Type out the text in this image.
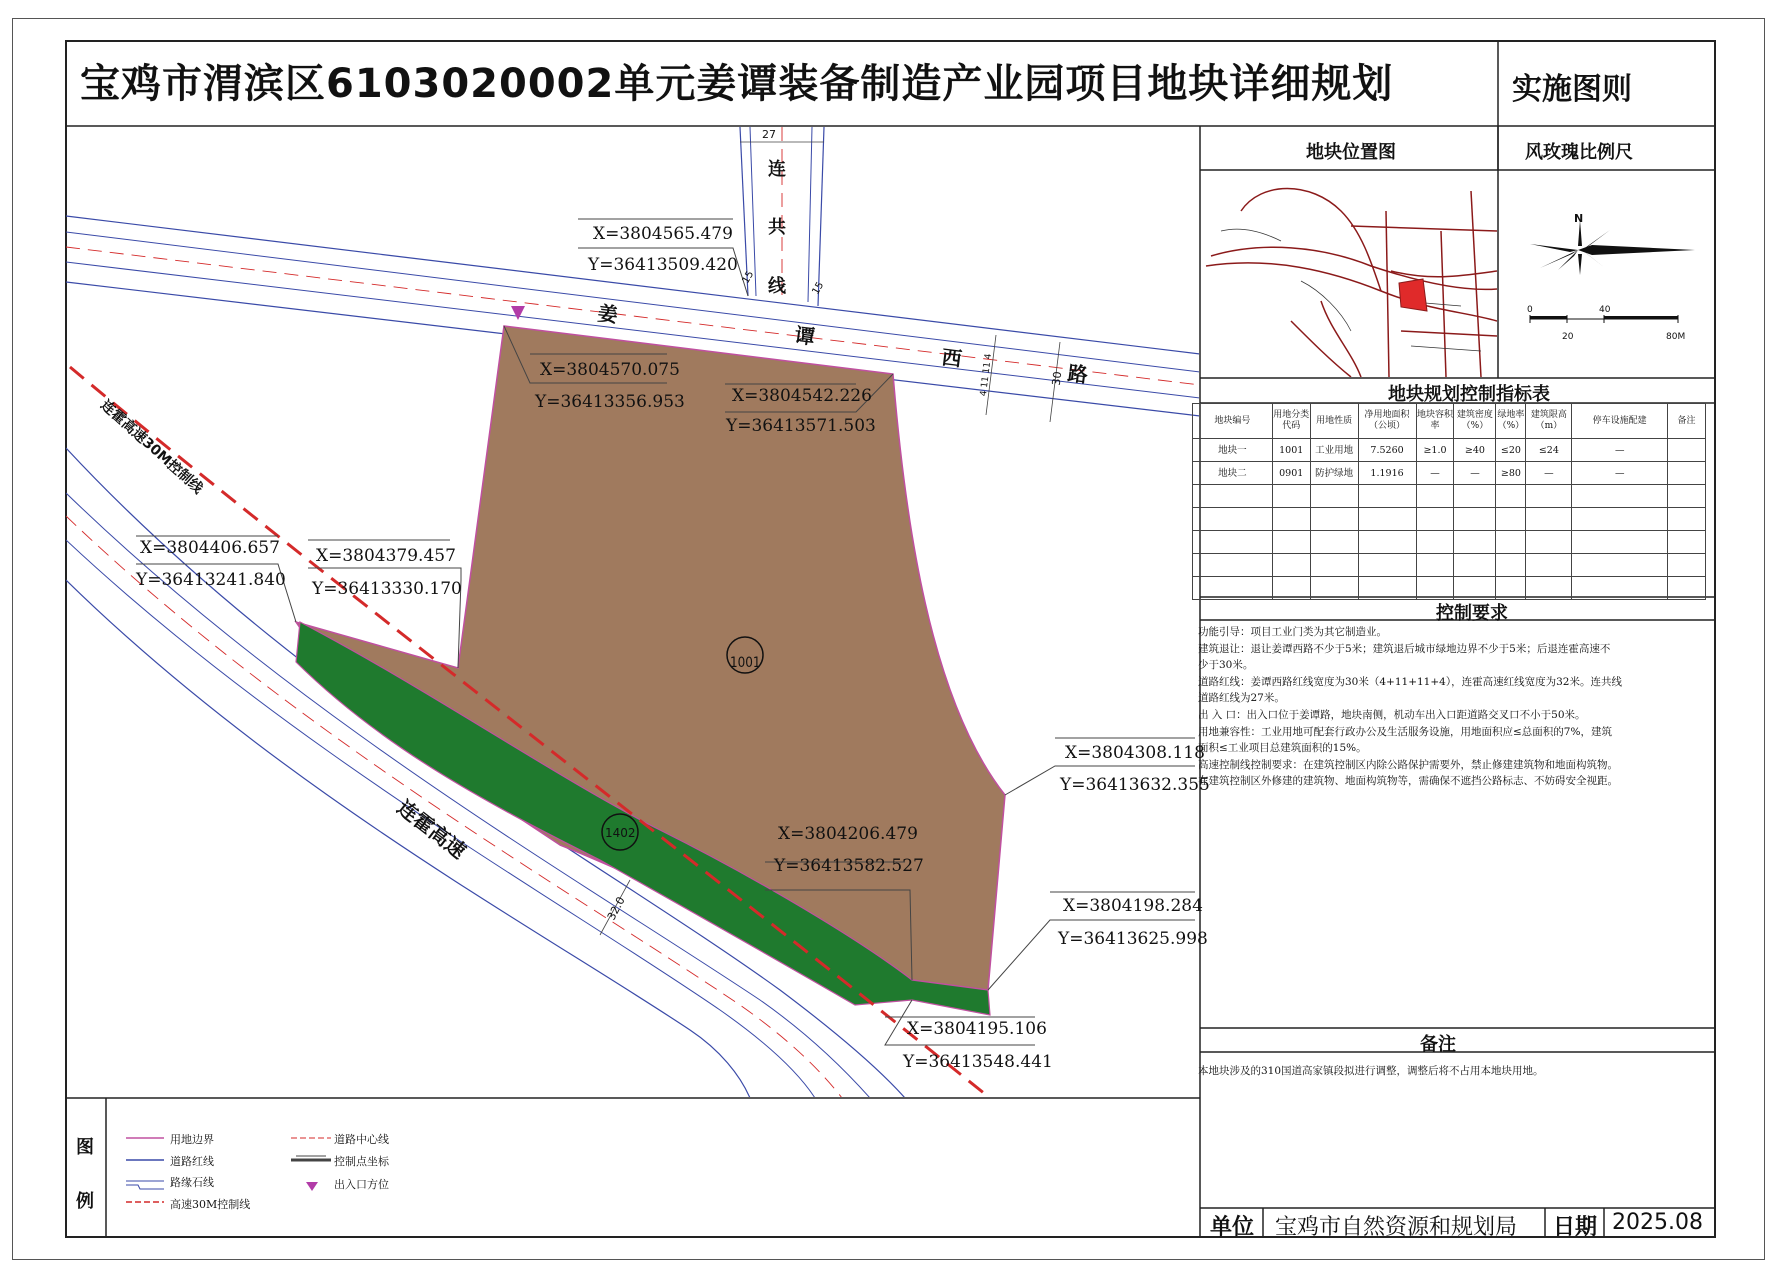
宝鸡市渭滨区6103020002单元姜谭装备制造产业园项目地块详细规划	实施图则
1001
1402
姜
谭
西
路
连
共
线
连霍高速
连霍高速30M控制线
27
15
15
30
4 11 11 4
32.0
X=3804565.479
Y=36413509.420
X=3804570.075
Y=36413356.953	X=3804542.226
Y=36413571.503
X=3804406.657
Y=36413241.840
X=3804379.457
Y=36413330.170
X=3804308.118
Y=36413632.355
X=3804206.479
Y=36413582.527
X=3804198.284
Y=36413625.998
X=3804195.106
Y=36413548.441
地块位置图	风玫瑰比例尺
N
0
20
40
80M
地块规划控制指标表
地块编号	用地分类代码	用地性质	净用地面积（公顷）	地块容积率	建筑密度（%）	绿地率（%）	建筑限高（m）	停车设施配建	备注
地块一	1001	工业用地	7.5260	≥1.0	≥40	≤20	≤24	—	
地块二	0901	防护绿地	1.1916	—	—	≥80	—	—	

控制要求

功能引导：项目工业门类为其它制造业。

建筑退让：退让姜谭西路不少于5米；建筑退后城市绿地边界不少于5米；后退连霍高速不

少于30米。

道路红线：姜谭西路红线宽度为30米（4+11+11+4），连霍高速红线宽度为32米。连共线

道路红线为27米。

出 入 口：出入口位于姜谭路，地块南侧，机动车出入口距道路交叉口不小于50米。

用地兼容性：工业用地可配套行政办公及生活服务设施，用地面积应≤总面积的7%，建筑

面积≤工业项目总建筑面积的15%。

高速控制线控制要求：在建筑控制区内除公路保护需要外，禁止修建建筑物和地面构筑物。

在建筑控制区外修建的建筑物、地面构筑物等，需确保不遮挡公路标志、不妨碍安全视距。

备注
本地块涉及的310国道高家镇段拟进行调整，调整后将不占用本地块用地。
图
例
用地边界
道路红线
路缘石线
高速30M控制线
道路中心线
控制点坐标
出入口方位
单位 宝鸡市自然资源和规划局 日期 2025.08
